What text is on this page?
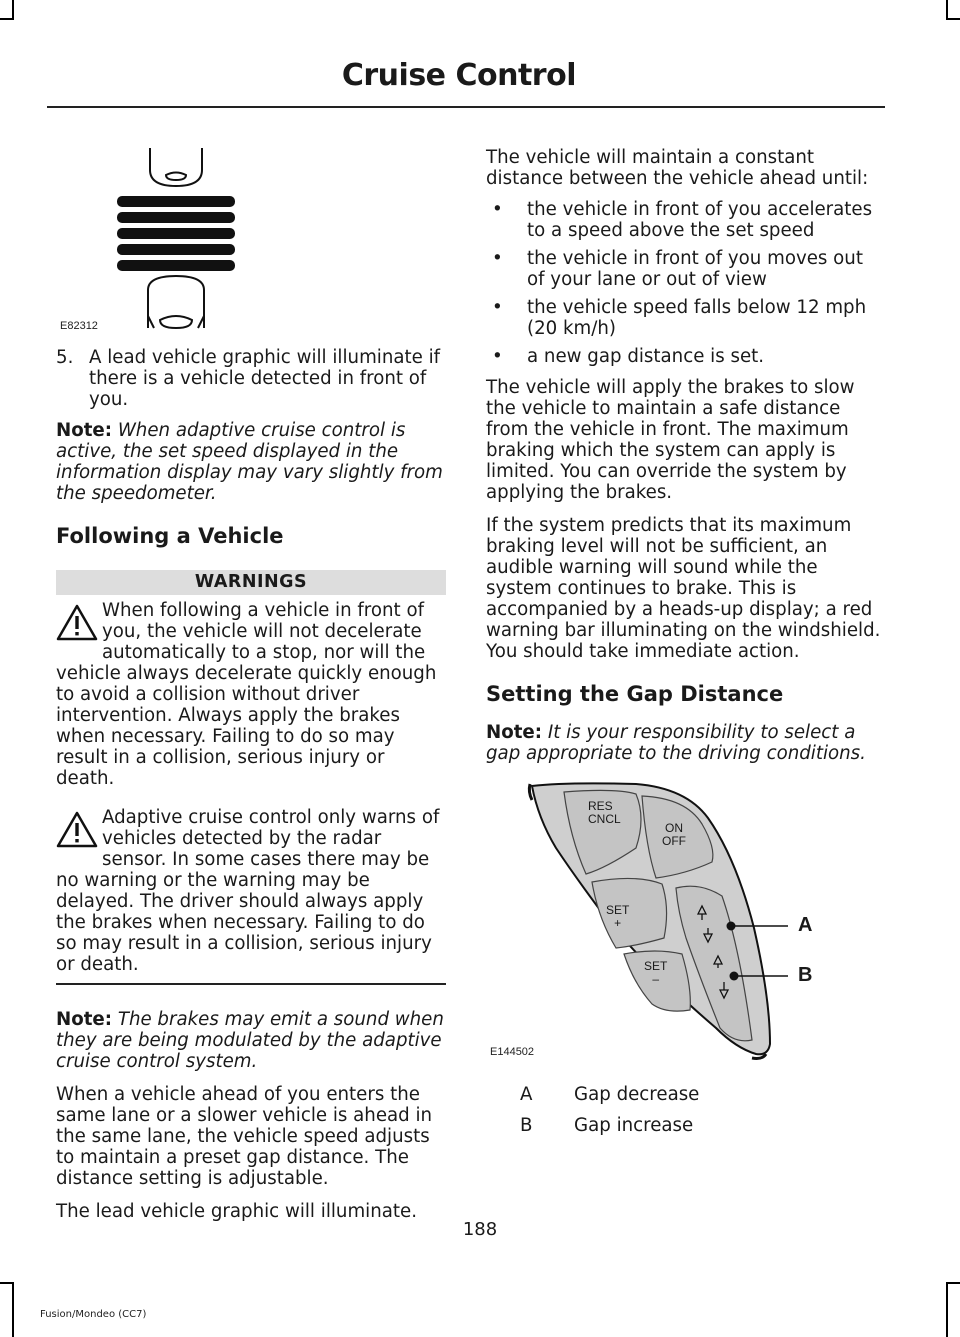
Cruise Control
E82312
5. A lead vehicle graphic will illuminate if there is a vehicle detected in front of you.

Note: When adaptive cruise control is active, the set speed displayed in the information display may vary slightly from the speedometer.

Following a Vehicle
WARNINGS
When following a vehicle in front of you, the vehicle will not decelerate automatically to a stop, nor will the vehicle always decelerate quickly enough to avoid a collision without driver intervention. Always apply the brakes when necessary. Failing to do so may result in a collision, serious injury or death.
Adaptive cruise control only warns of vehicles detected by the radar sensor. In some cases there may be no warning or the warning may be delayed. The driver should always apply the brakes when necessary. Failing to do so may result in a collision, serious injury or death.

Note: The brakes may emit a sound when they are being modulated by the adaptive cruise control system.

When a vehicle ahead of you enters the same lane or a slower vehicle is ahead in the same lane, the vehicle speed adjusts to maintain a preset gap distance. The distance setting is adjustable.

The lead vehicle graphic will illuminate.

The vehicle will maintain a constant distance between the vehicle ahead until:

•	the vehicle in front of you accelerates to a speed above the set speed
•	the vehicle in front of you moves out of your lane or out of view
•	the vehicle speed falls below 12 mph (20 km/h)
•	a new gap distance is set.

The vehicle will apply the brakes to slow the vehicle to maintain a safe distance from the vehicle in front. The maximum braking which the system can apply is limited. You can override the system by applying the brakes.

If the system predicts that its maximum braking level will not be sufficient, an audible warning will sound while the system continues to brake. This is accompanied by a heads-up display; a red warning bar illuminating on the windshield. You should take immediate action.

Setting the Gap Distance

Note: It is your responsibility to select a gap appropriate to the driving conditions.

RES
CNCL
ON
OFF
SET
+
SET
–
A
B
E144502
A	Gap decrease
B	Gap increase
188
Fusion/Mondeo (CC7)
